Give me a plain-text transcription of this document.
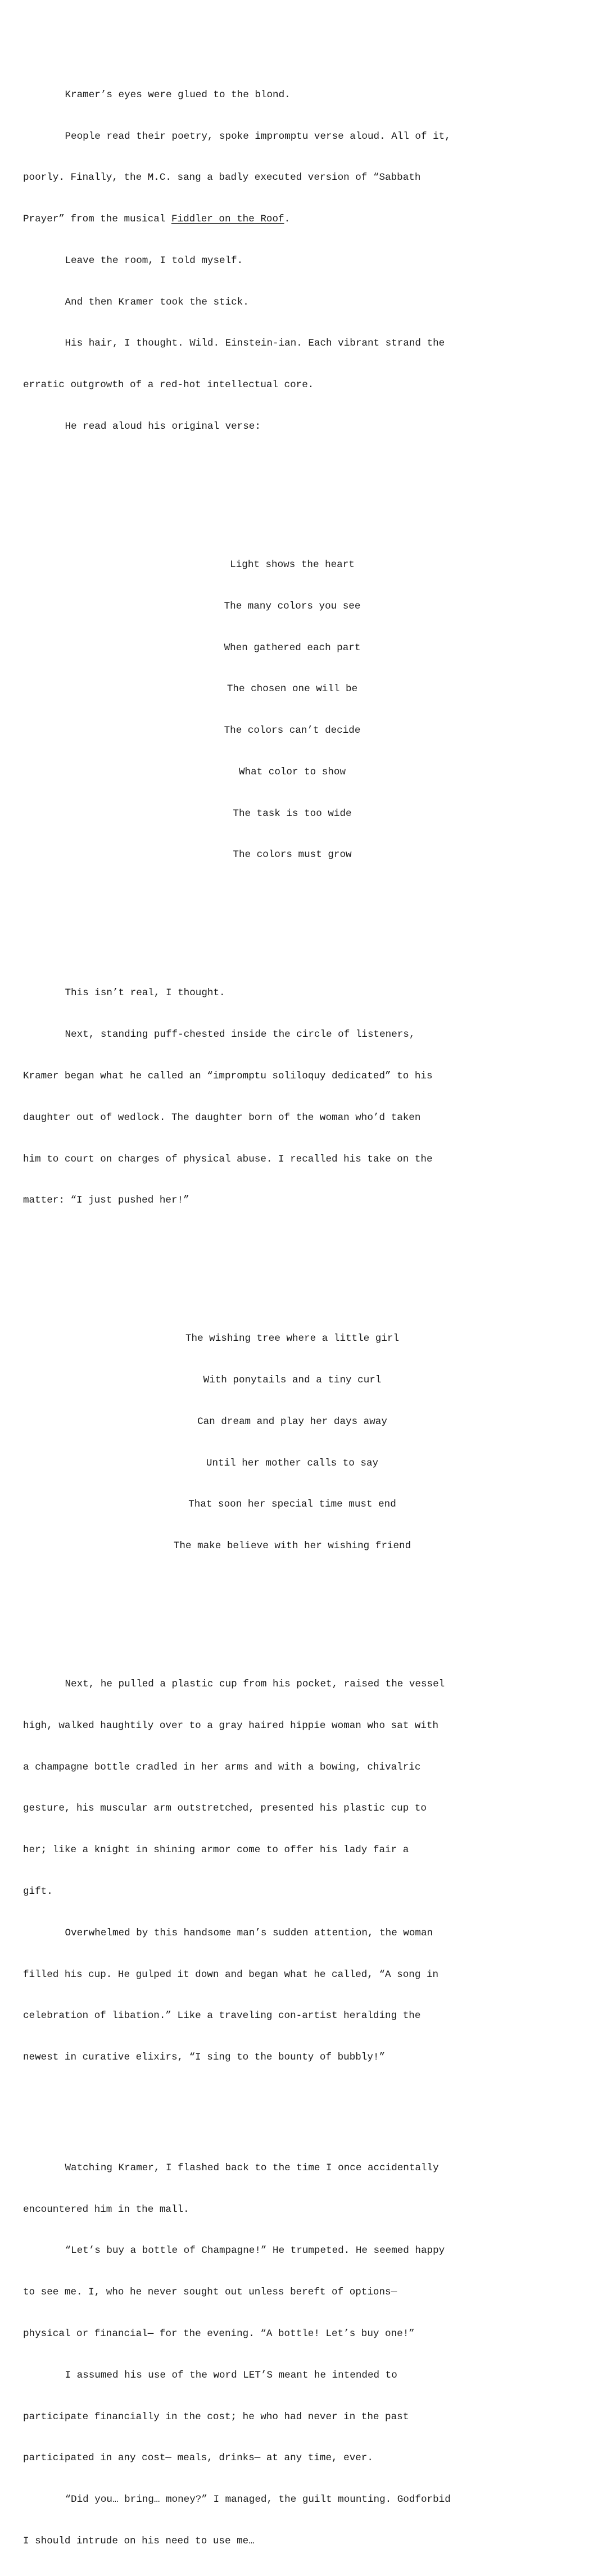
Kramer’s eyes were glued to the blond.

People read their poetry, spoke impromptu verse aloud. All of it,

poorly. Finally, the M.C. sang a badly executed version of “Sabbath

Prayer” from the musical Fiddler on the Roof.

Leave the room, I told myself.

And then Kramer took the stick.

His hair, I thought. Wild. Einstein-ian. Each vibrant strand the

erratic outgrowth of a red-hot intellectual core.

He read aloud his original verse:

Light shows the heart

The many colors you see

When gathered each part

The chosen one will be

The colors can’t decide

What color to show

The task is too wide

The colors must grow

This isn’t real, I thought.

Next, standing puff-chested inside the circle of listeners,

Kramer began what he called an “impromptu soliloquy dedicated” to his

daughter out of wedlock. The daughter born of the woman who’d taken

him to court on charges of physical abuse. I recalled his take on the

matter: “I just pushed her!”

The wishing tree where a little girl

With ponytails and a tiny curl

Can dream and play her days away

Until her mother calls to say

That soon her special time must end

The make believe with her wishing friend

Next, he pulled a plastic cup from his pocket, raised the vessel

high, walked haughtily over to a gray haired hippie woman who sat with

a champagne bottle cradled in her arms and with a bowing, chivalric

gesture, his muscular arm outstretched, presented his plastic cup to

her; like a knight in shining armor come to offer his lady fair a

gift.

Overwhelmed by this handsome man’s sudden attention, the woman

filled his cup. He gulped it down and began what he called, “A song in

celebration of libation.” Like a traveling con-artist heralding the

newest in curative elixirs, “I sing to the bounty of bubbly!”

Watching Kramer, I flashed back to the time I once accidentally

encountered him in the mall.

“Let’s buy a bottle of Champagne!” He trumpeted. He seemed happy

to see me. I, who he never sought out unless bereft of options—

physical or financial— for the evening. “A bottle! Let’s buy one!”

I assumed his use of the word LET’S meant he intended to

participate financially in the cost; he who had never in the past

participated in any cost— meals, drinks— at any time, ever.

“Did you… bring… money?” I managed, the guilt mounting. Godforbid

I should intrude on his need to use me…
